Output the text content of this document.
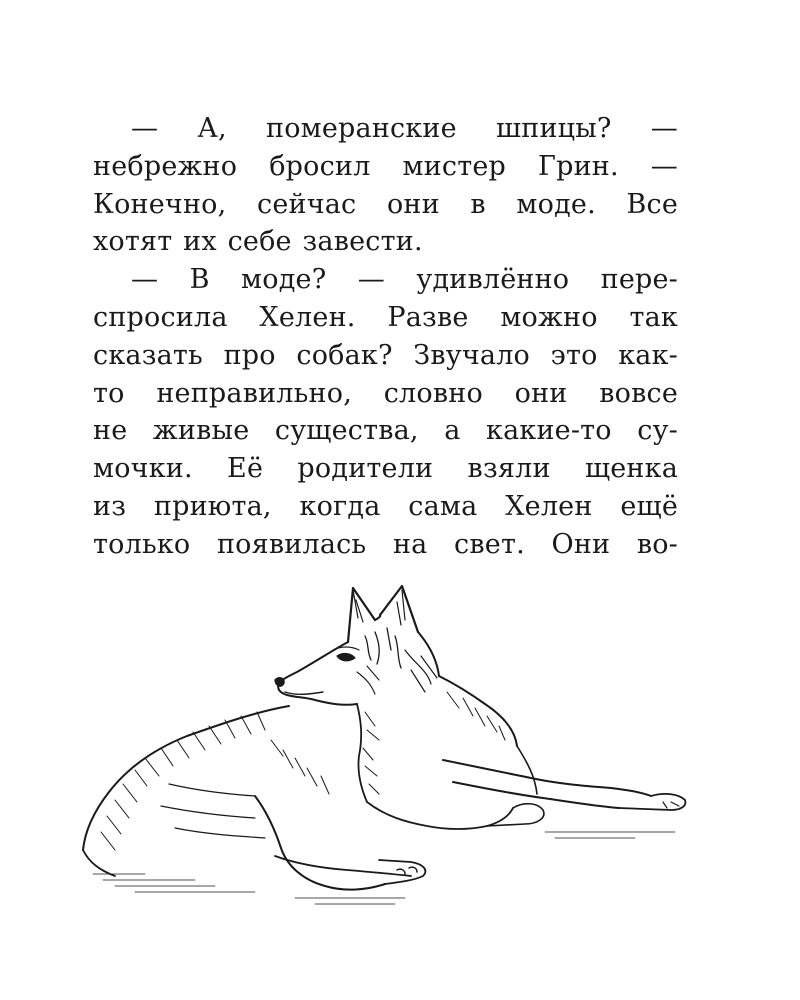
— А, померанские шпицы? —
небрежно бросил мистер Грин. —
Конечно, сейчас они в моде. Все
хотят их себе завести.
— В моде? — удивлённо пере-
спросила Хелен. Разве можно так
сказать про собак? Звучало это как-
то неправильно, словно они вовсе
не живые существа, а какие-то су-
мочки. Её родители взяли щенка
из приюта, когда сама Хелен ещё
только появилась на свет. Они во-
